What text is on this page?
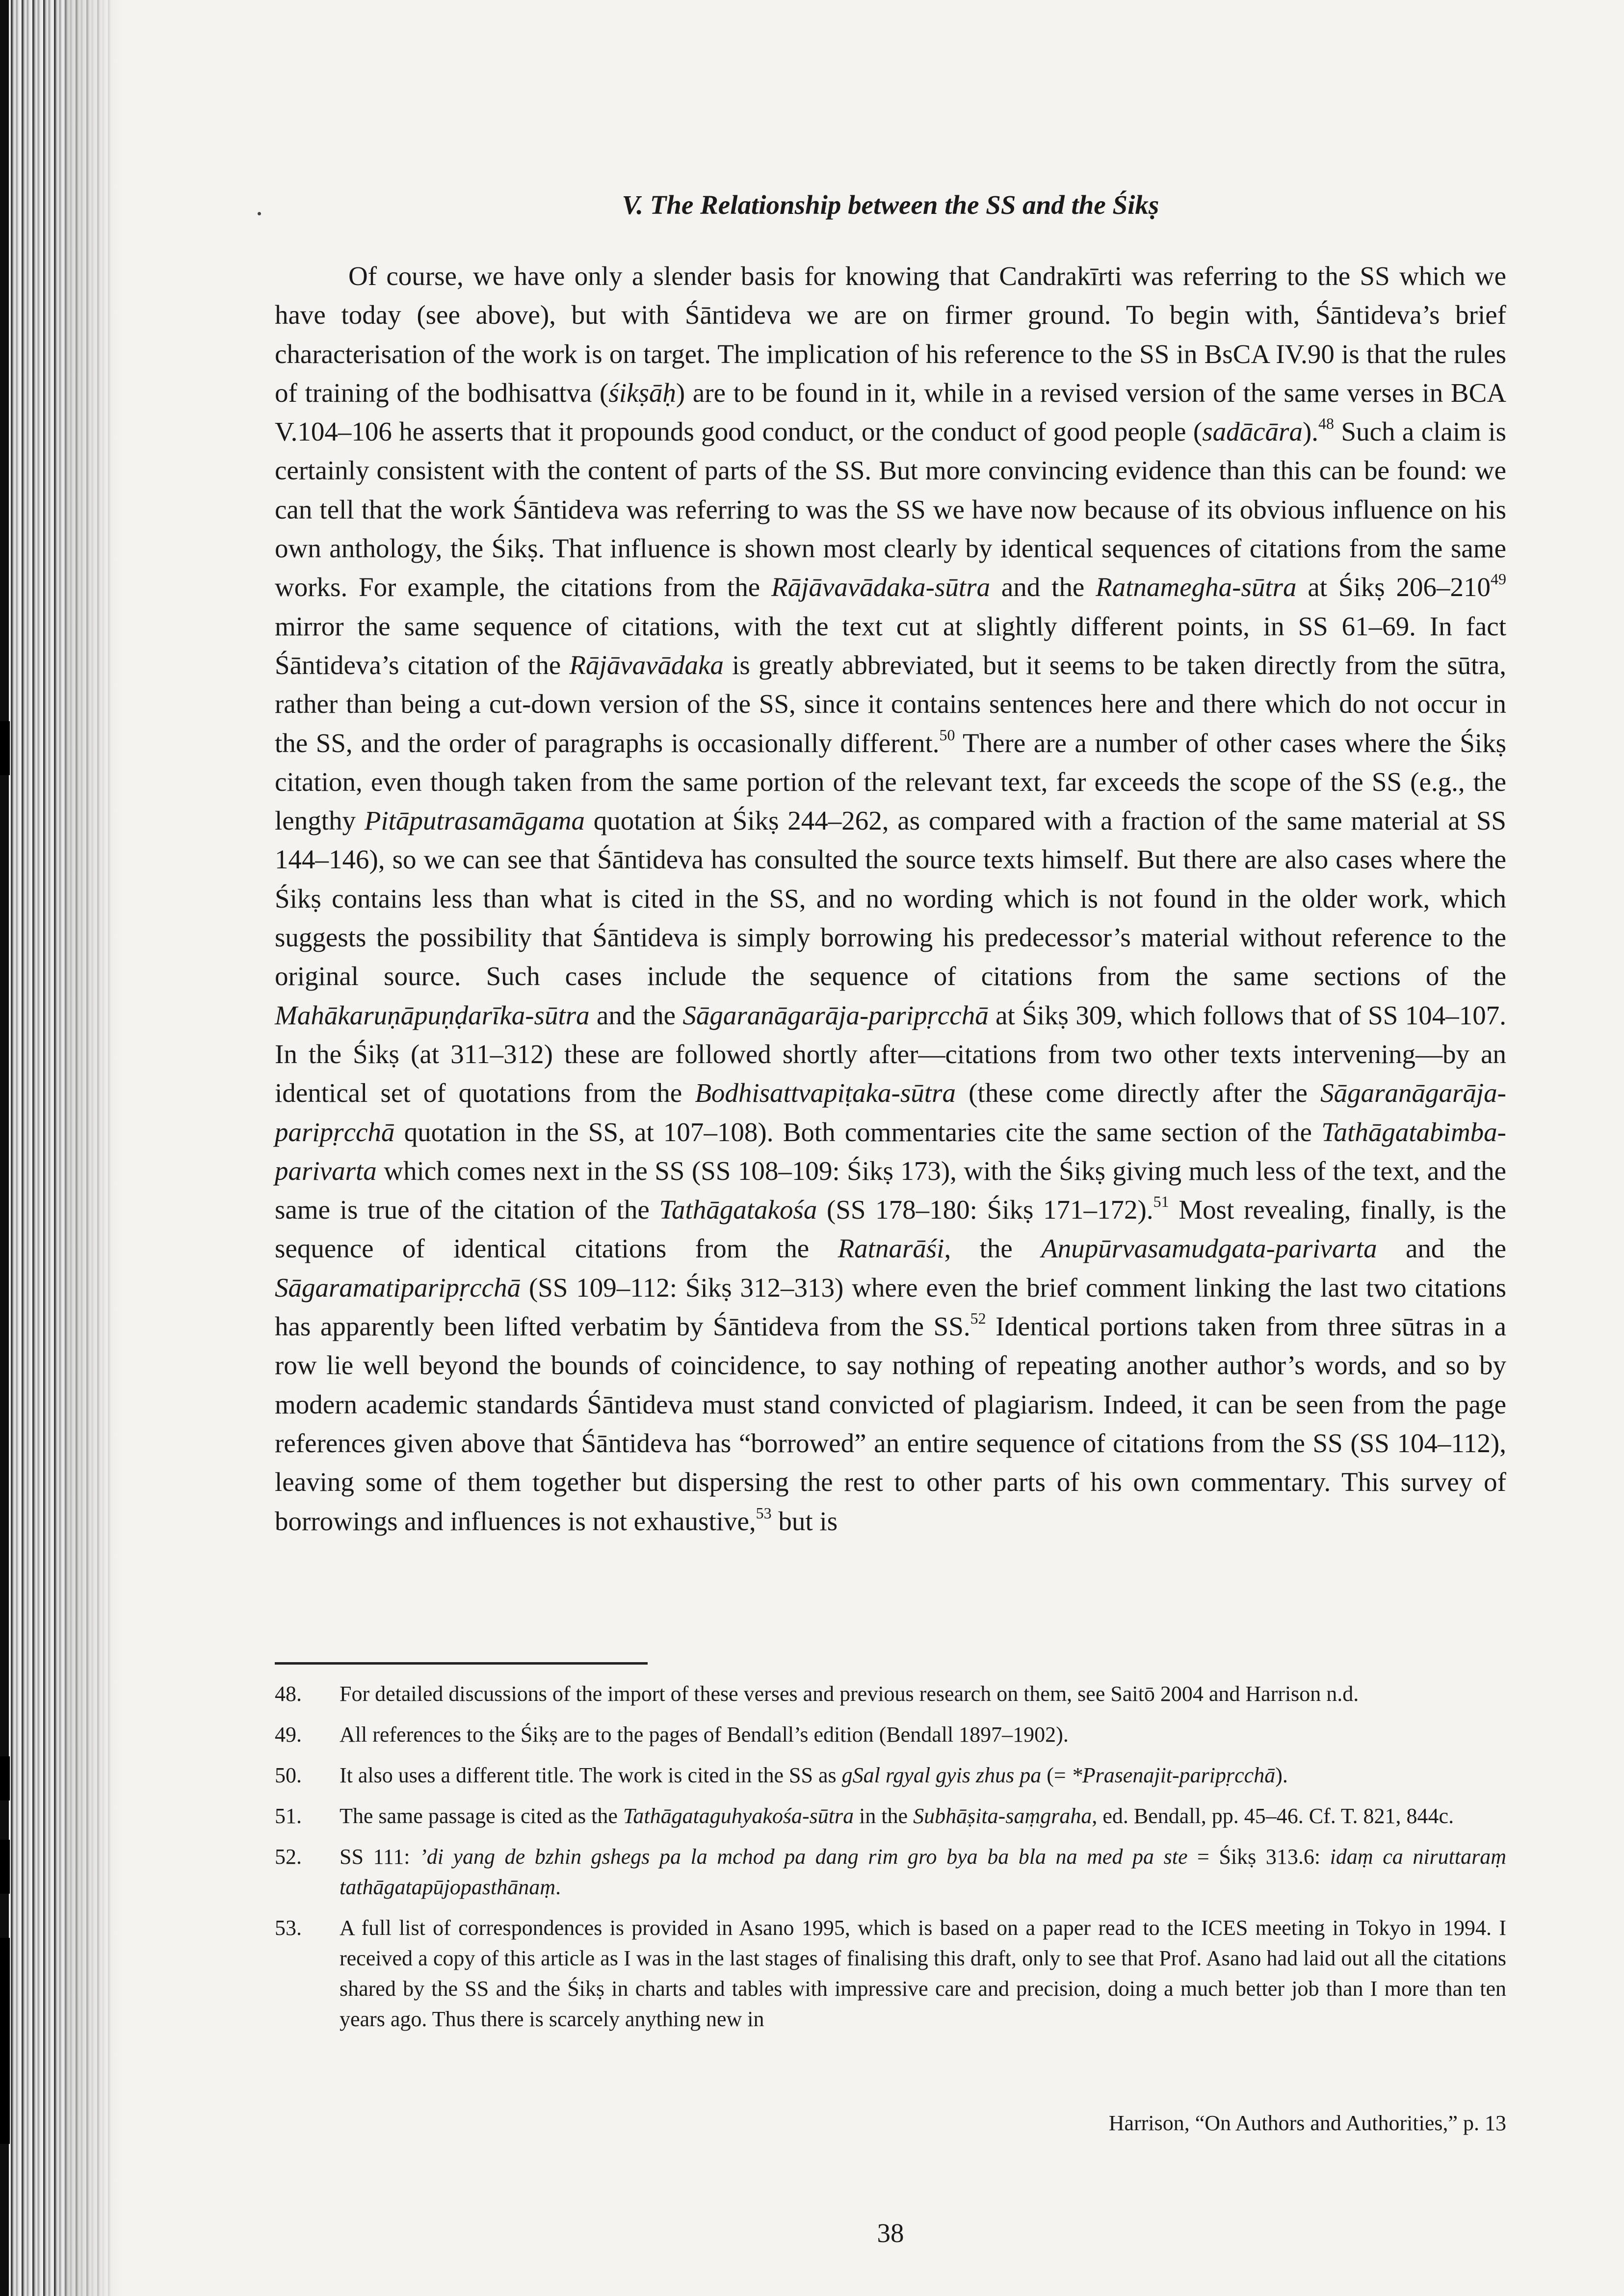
V. The Relationship between the SS and the Śikṣ

Of course, we have only a slender basis for knowing that Candrakīrti was referring to the SS which we have today (see above), but with Śāntideva we are on firmer ground. To begin with, Śāntideva’s brief characterisation of the work is on target. The implication of his reference to the SS in BsCA IV.90 is that the rules of training of the bodhisattva (śikṣāḥ) are to be found in it, while in a revised version of the same verses in BCA V.104–106 he asserts that it propounds good conduct, or the conduct of good people (sadācāra).$^{48}$ Such a claim is certainly consistent with the content of parts of the SS. But more convincing evidence than this can be found: we can tell that the work Śāntideva was referring to was the SS we have now because of its obvious influence on his own anthology, the Śikṣ. That influence is shown most clearly by identical sequences of citations from the same works. For example, the citations from the Rājāvavādaka-sūtra and the Ratnamegha-sūtra at Śikṣ $206-210^{49}$ mirror the same sequence of citations, with the text cut at slightly different points, in SS 61–69. In fact Śāntideva’s citation of the Rājāvavādaka is greatly abbreviated, but it seems to be taken directly from the sūtra, rather than being a cut-down version of the SS, since it contains sentences here and there which do not occur in the SS, and the order of paragraphs is occasionally different.$^{50}$ There are a number of other cases where the Śikṣ citation, even though taken from the same portion of the relevant text, far exceeds the scope of the SS (e.g., the lengthy Pitāputrasamāgama quotation at Śikṣ 244–262, as compared with a fraction of the same material at SS 144–146), so we can see that Śāntideva has consulted the source texts himself. But there are also cases where the Śikṣ contains less than what is cited in the SS, and no wording which is not found in the older work, which suggests the possibility that Śāntideva is simply borrowing his predecessor’s material without reference to the original source. Such cases include the sequence of citations from the same sections of the Mahākaruṇāpuṇḍarīka-sūtra and the Sāgaranāgarāja-paripṛcchā at Śikṣ 309, which follows that of SS 104–107. In the Śikṣ (at 311–312) these are followed shortly after—citations from two other texts intervening—by an identical set of quotations from the Bodhisattvapiṭaka-sūtra (these come directly after the Sāgaranāgarāja-paripṛcchā quotation in the SS, at 107–108). Both commentaries cite the same section of the Tathāgatabimba-parivarta which comes next in the SS (SS 108–109: Śikṣ 173), with the Śikṣ giving much less of the text, and the same is true of the citation of the Tathāgatakośa (SS 178–180: Śikṣ 171–172).$^{51}$ Most revealing, finally, is the sequence of identical citations from the Ratnarāśi, the Anupūrvasamudgata-parivarta and the Sāgaramatiparipṛcchā (SS 109–112: Śikṣ 312–313) where even the brief comment linking the last two citations has apparently been lifted verbatim by Śāntideva from the SS.$^{52}$ Identical portions taken from three sūtras in a row lie well beyond the bounds of coincidence, to say nothing of repeating another author’s words, and so by modern academic standards Śāntideva must stand convicted of plagiarism. Indeed, it can be seen from the page references given above that Śāntideva has “borrowed” an entire sequence of citations from the SS (SS 104–112), leaving some of them together but dispersing the rest to other parts of his own commentary. This survey of borrowings and influences is not exhaustive,$^{53}$ but is

48.	For detailed discussions of the import of these verses and previous research on them, see Saitō 2004 and Harrison n.d.
49.	All references to the Śikṣ are to the pages of Bendall’s edition (Bendall 1897–1902).
50.	It also uses a different title. The work is cited in the SS as gSal rgyal gyis zhus pa (= *Prasenajit-paripṛcchā).
51.	The same passage is cited as the Tathāgataguhyakośa-sūtra in the Subhāṣita-saṃgraha, ed. Bendall, pp. 45–46. Cf. T. 821, 844c.
52.	SS 111: ’di yang de bzhin gshegs pa la mchod pa dang rim gro bya ba bla na med pa ste = Śikṣ 313.6: idaṃ ca niruttaraṃ tathāgatapūjopasthānaṃ.
53.	A full list of correspondences is provided in Asano 1995, which is based on a paper read to the ICES meeting in Tokyo in 1994. I received a copy of this article as I was in the last stages of finalising this draft, only to see that Prof. Asano had laid out all the citations shared by the SS and the Śikṣ in charts and tables with impressive care and precision, doing a much better job than I more than ten years ago. Thus there is scarcely anything new in
Harrison, “On Authors and Authorities,” p. 13
38
